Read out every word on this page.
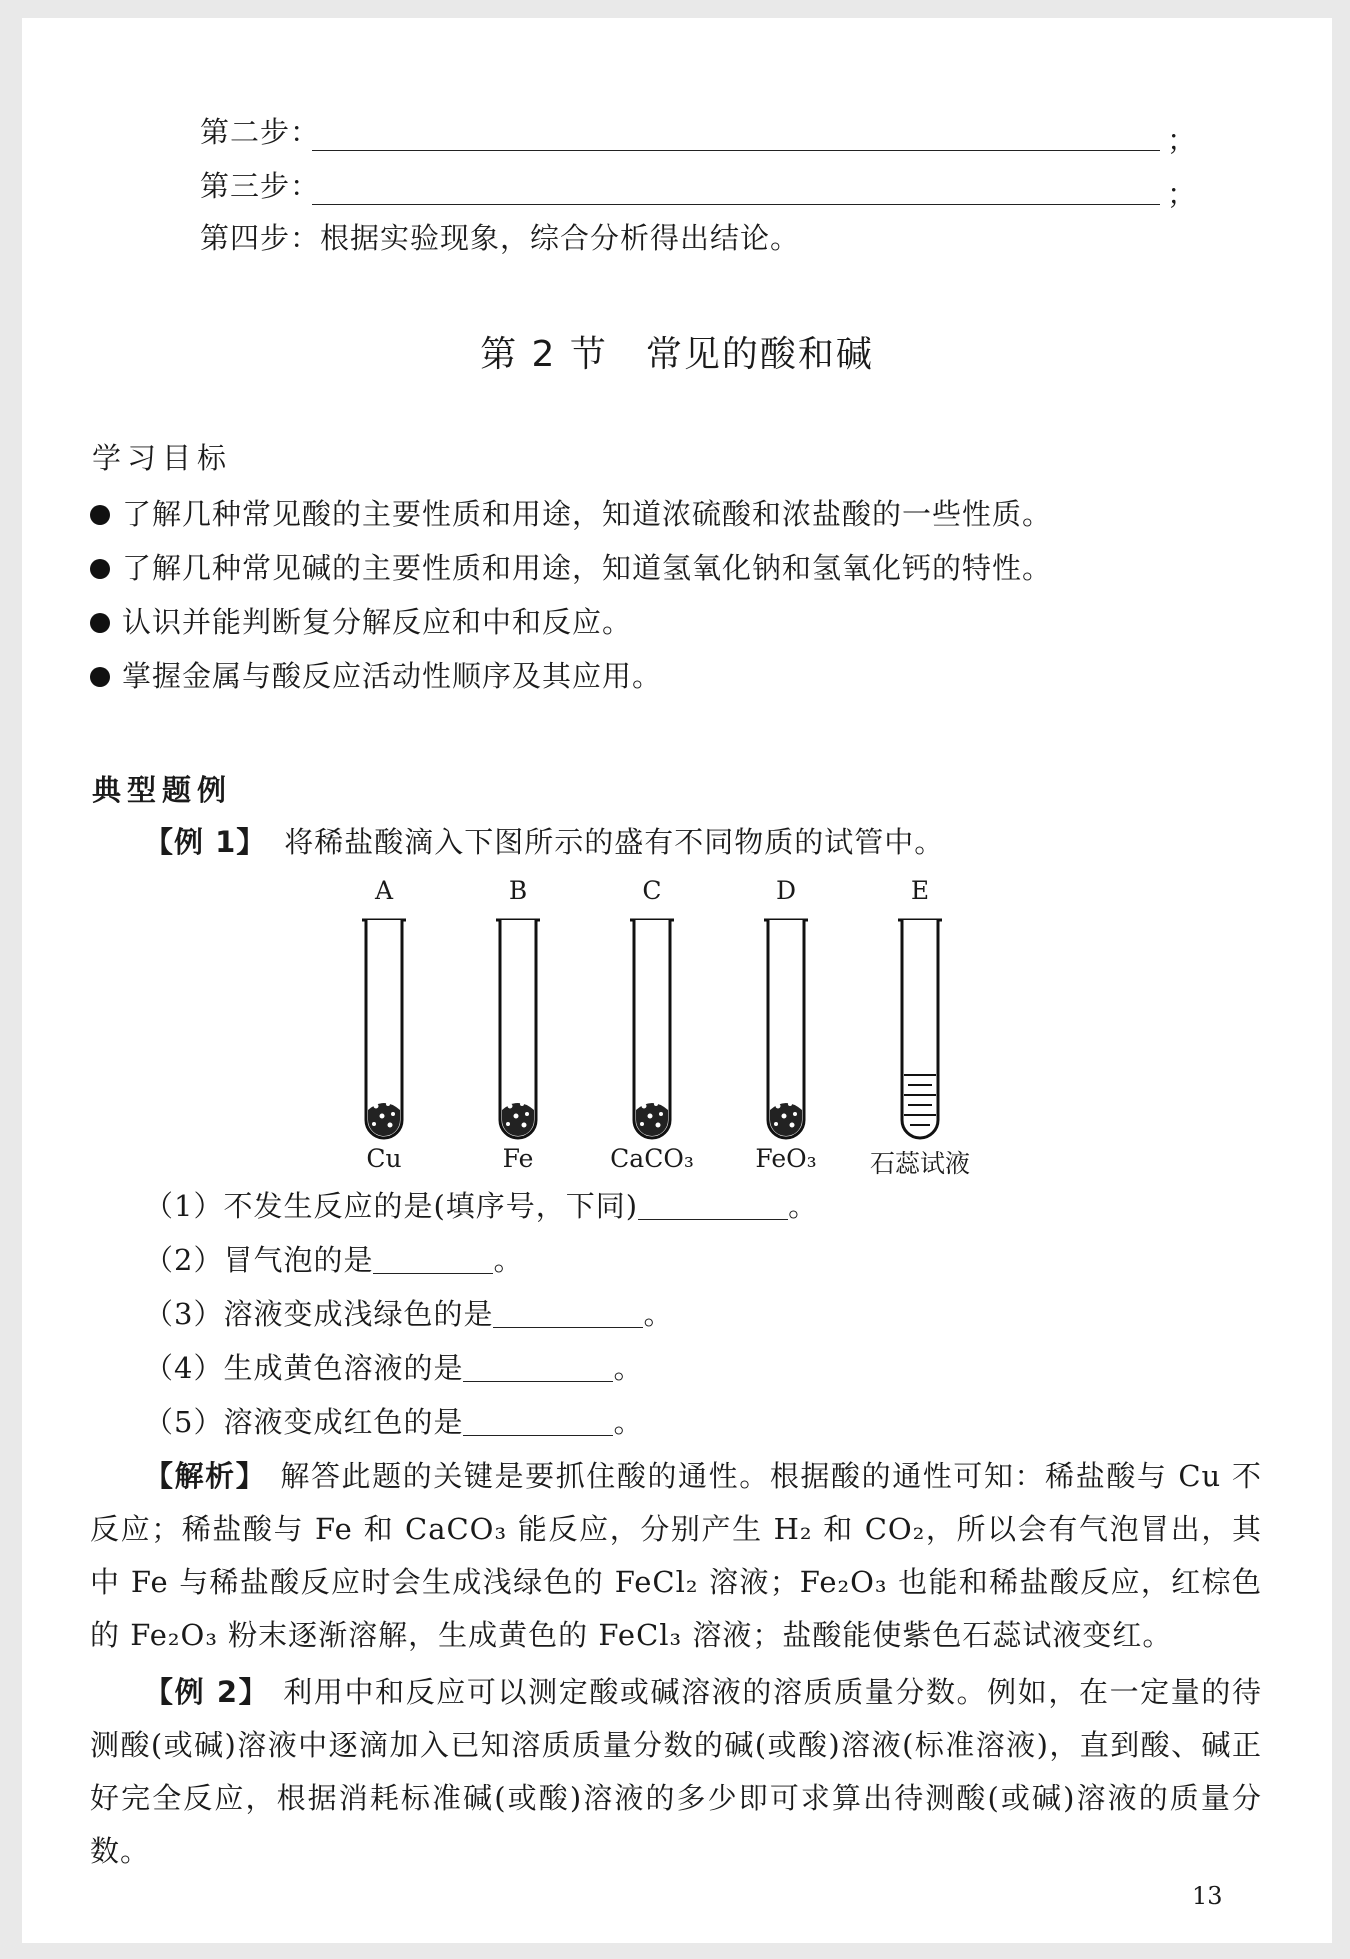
第二步：	；
第三步：	；
第四步：根据实验现象，综合分析得出结论。
第 2 节　常见的酸和碱
学习目标
了解几种常见酸的主要性质和用途，知道浓硫酸和浓盐酸的一些性质。
了解几种常见碱的主要性质和用途，知道氢氧化钠和氢氧化钙的特性。
认识并能判断复分解反应和中和反应。
掌握金属与酸反应活动性顺序及其应用。
典型题例
【例 1】 将稀盐酸滴入下图所示的盛有不同物质的试管中。
A	B	C	D	E
Cu	Fe	CaCO₃	FeO₃	石蕊试液
（1）不发生反应的是(填序号，下同)	。
（2）冒气泡的是	。
（3）溶液变成浅绿色的是	。
（4）生成黄色溶液的是	。
（5）溶液变成红色的是	。
【解析】 解答此题的关键是要抓住酸的通性。根据酸的通性可知：稀盐酸与 Cu 不反应；稀盐酸与 Fe 和 CaCO₃ 能反应，分别产生 H₂ 和 CO₂，所以会有气泡冒出，其中 Fe 与稀盐酸反应时会生成浅绿色的 FeCl₂ 溶液；Fe₂O₃ 也能和稀盐酸反应，红棕色的 Fe₂O₃ 粉末逐渐溶解，生成黄色的 FeCl₃ 溶液；盐酸能使紫色石蕊试液变红。
【例 2】 利用中和反应可以测定酸或碱溶液的溶质质量分数。例如，在一定量的待测酸(或碱)溶液中逐滴加入已知溶质质量分数的碱(或酸)溶液(标准溶液)，直到酸、碱正好完全反应，根据消耗标准碱(或酸)溶液的多少即可求算出待测酸(或碱)溶液的质量分数。
13
